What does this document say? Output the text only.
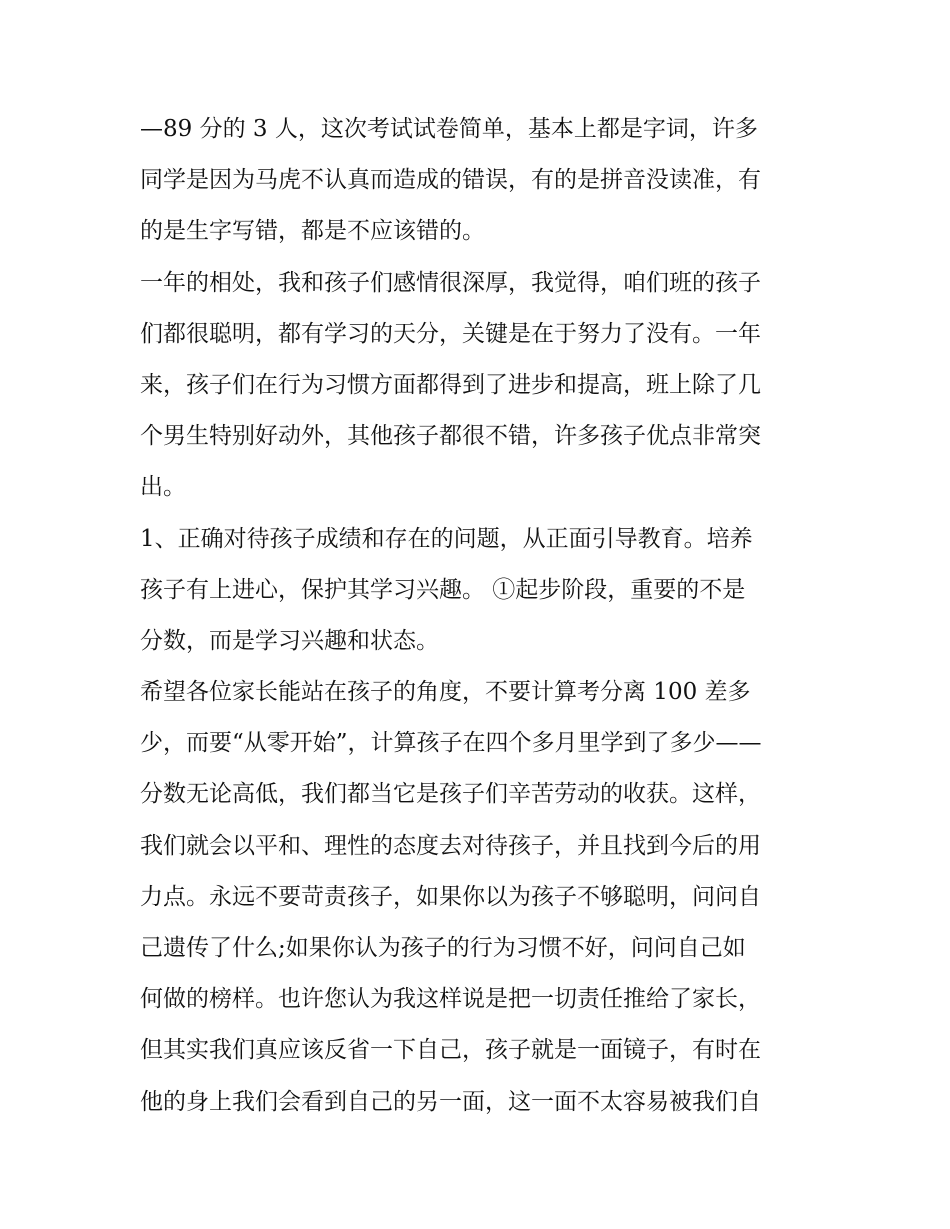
—89 分的 3 人，这次考试试卷简单，基本上都是字词，许多
同学是因为马虎不认真而造成的错误，有的是拼音没读准，有
的是生字写错，都是不应该错的。
一年的相处，我和孩子们感情很深厚，我觉得，咱们班的孩子
们都很聪明，都有学习的天分，关键是在于努力了没有。一年
来，孩子们在行为习惯方面都得到了进步和提高，班上除了几
个男生特别好动外，其他孩子都很不错，许多孩子优点非常突
出。
1、正确对待孩子成绩和存在的问题，从正面引导教育。培养
孩子有上进心，保护其学习兴趣。 ①起步阶段，重要的不是
分数，而是学习兴趣和状态。
希望各位家长能站在孩子的角度，不要计算考分离 100 差多
少，而要“从零开始”，计算孩子在四个多月里学到了多少——
分数无论高低，我们都当它是孩子们辛苦劳动的收获。这样，
我们就会以平和、理性的态度去对待孩子，并且找到今后的用
力点。永远不要苛责孩子，如果你以为孩子不够聪明，问问自
己遗传了什么;如果你认为孩子的行为习惯不好，问问自己如
何做的榜样。也许您认为我这样说是把一切责任推给了家长，
但其实我们真应该反省一下自己，孩子就是一面镜子，有时在
他的身上我们会看到自己的另一面，这一面不太容易被我们自
